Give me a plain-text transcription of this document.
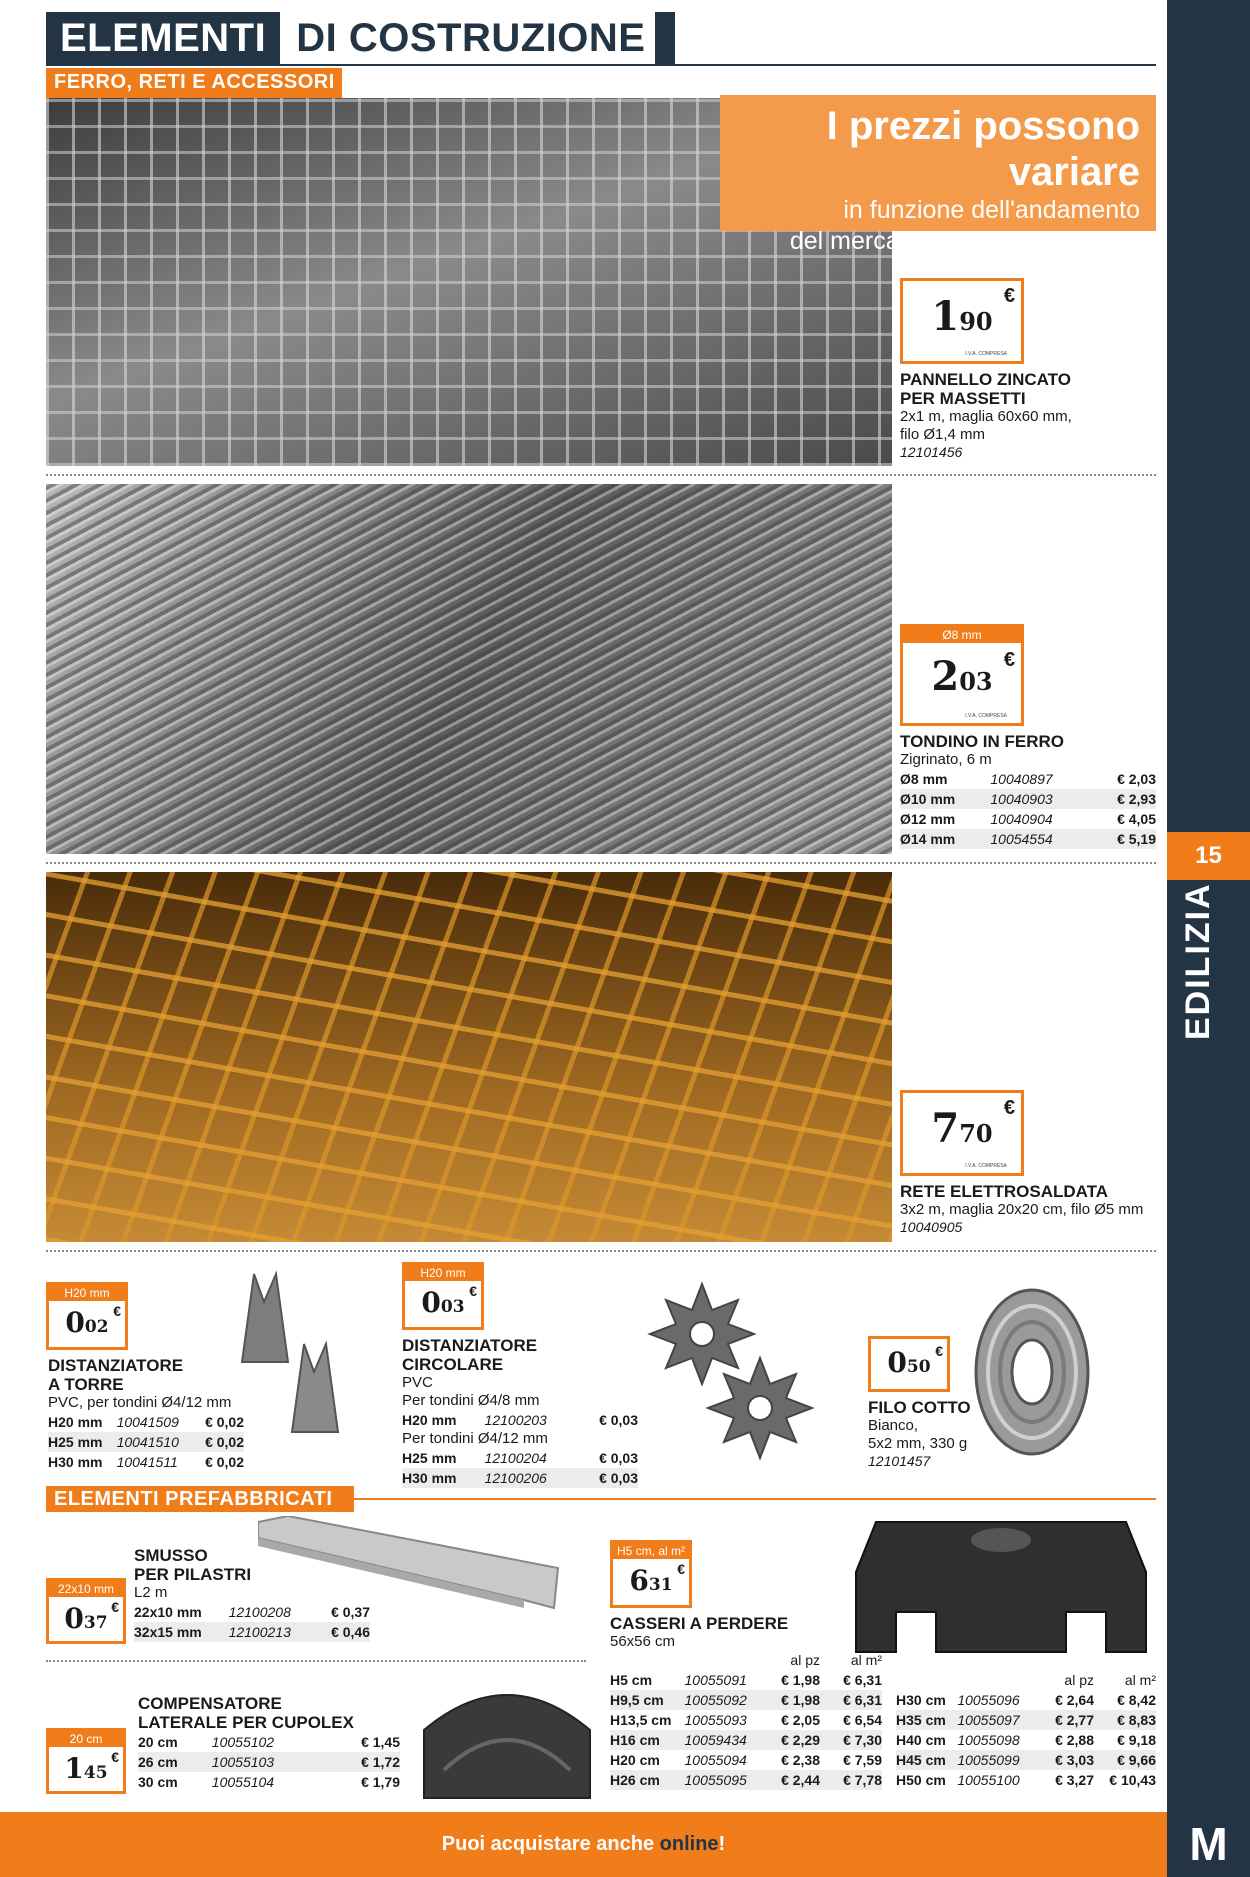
ELEMENTI DI COSTRUZIONE
FERRO, RETI E ACCESSORI
I prezzi possono variare
in funzione dell'andamento
del mercato delle materie prime
190
€
I.V.A. COMPRESA
PANNELLO ZINCATO
PER MASSETTI
2x1 m, maglia 60x60 mm,
filo Ø1,4 mm
12101456
Ø8 mm
203
€
I.V.A. COMPRESA
TONDINO IN FERRO
Zigrinato, 6 m
Ø8 mm	10040897	€ 2,03
Ø10 mm	10040903	€ 2,93
Ø12 mm	10040904	€ 4,05
Ø14 mm	10054554	€ 5,19
770
€
I.V.A. COMPRESA
RETE ELETTROSALDATA
3x2 m, maglia 20x20 cm, filo Ø5 mm
10040905
H20 mm
002
€
DISTANZIATORE
A TORRE
PVC, per tondini Ø4/12 mm
H20 mm	10041509	€ 0,02
H25 mm	10041510	€ 0,02
H30 mm	10041511	€ 0,02
H20 mm
003
€
DISTANZIATORE CIRCOLARE
PVC
Per tondini Ø4/8 mm
H20 mm	12100203	€ 0,03
Per tondini Ø4/12 mm
H25 mm	12100204	€ 0,03
H30 mm	12100206	€ 0,03
050
€
FILO COTTO
Bianco,
5x2 mm, 330 g
12101457
ELEMENTI PREFABBRICATI
22x10 mm
037
€
SMUSSO
PER PILASTRI
L2 m
22x10 mm	12100208	€ 0,37
32x15 mm	12100213	€ 0,46
20 cm
145
€
COMPENSATORE
LATERALE PER CUPOLEX
20 cm	10055102	€ 1,45
26 cm	10055103	€ 1,72
30 cm	10055104	€ 1,79
H5 cm, al m²
631
€
CASSERI A PERDERE
56x56 cm
al pz	al m²
H5 cm	10055091	€ 1,98	€ 6,31
H9,5 cm	10055092	€ 1,98	€ 6,31
H13,5 cm	10055093	€ 2,05	€ 6,54
H16 cm	10059434	€ 2,29	€ 7,30
H20 cm	10055094	€ 2,38	€ 7,59
H26 cm	10055095	€ 2,44	€ 7,78
al pz	al m²
H30 cm	10055096	€ 2,64	€ 8,42
H35 cm	10055097	€ 2,77	€ 8,83
H40 cm	10055098	€ 2,88	€ 9,18
H45 cm	10055099	€ 3,03	€ 9,66
H50 cm	10055100	€ 3,27	€ 10,43
15
EDILIZIA
M
Puoi acquistare anche online!
